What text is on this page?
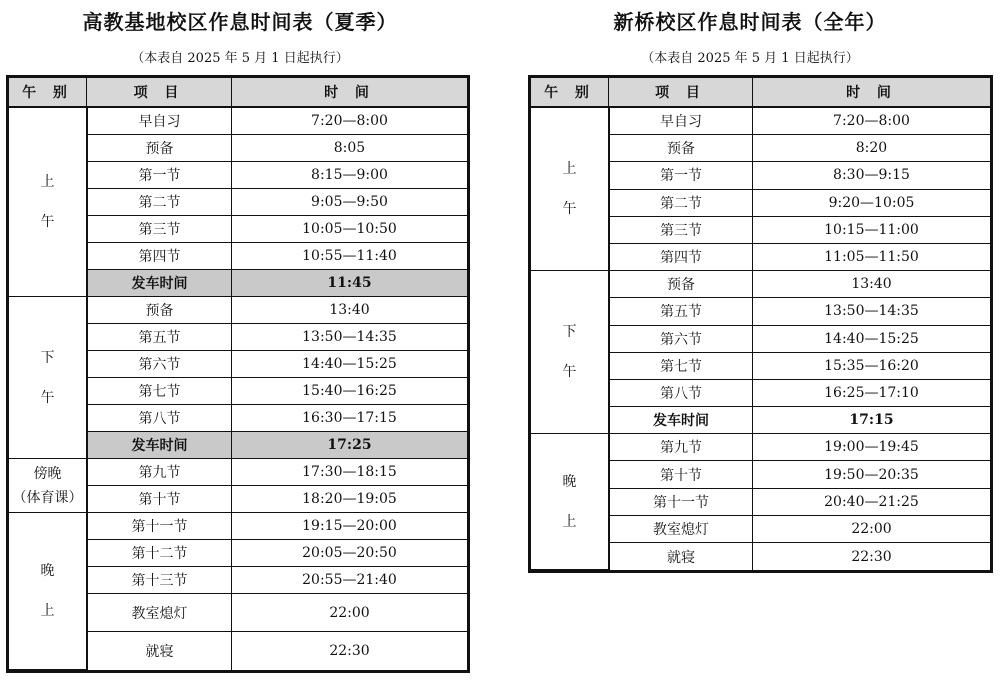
高教基地校区作息时间表（夏季）
（本表自 2025 年 5 月 1 日起执行）
午 别	项 目	时 间

上
午	早自习	7:20—8:00
	预备	8:05
	第一节	8:15—9:00
	第二节	9:05—9:50
	第三节	10:05—10:50
	第四节	10:55—11:40
	发车时间	11:45

下
午	预备	13:40
	第五节	13:50—14:35
	第六节	14:40—15:25
	第七节	15:40—16:25
	第八节	16:30—17:15
	发车时间	17:25

傍晚
（体育课）	第九节	17:30—18:15
	第十节	18:20—19:05

晚
上	第十一节	19:15—20:00
	第十二节	20:05—20:50
	第十三节	20:55—21:40
	教室熄灯	22:00
	就寝	22:30
新桥校区作息时间表（全年）
（本表自 2025 年 5 月 1 日起执行）
午 别	项 目	时 间

上
午	早自习	7:20—8:00
	预备	8:20
	第一节	8:30—9:15
	第二节	9:20—10:05
	第三节	10:15—11:00
	第四节	11:05—11:50

下
午	预备	13:40
	第五节	13:50—14:35
	第六节	14:40—15:25
	第七节	15:35—16:20
	第八节	16:25—17:10
	发车时间	17:15

晚
上	第九节	19:00—19:45
	第十节	19:50—20:35
	第十一节	20:40—21:25
	教室熄灯	22:00
	就寝	22:30
